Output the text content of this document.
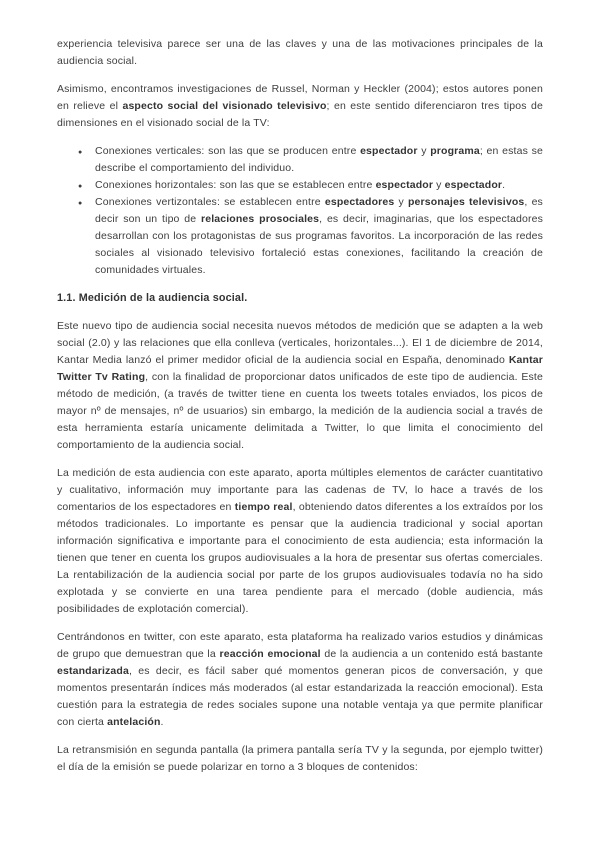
experiencia televisiva parece ser una de las claves y una de las motivaciones principales de la audiencia social.

Asimismo, encontramos investigaciones de Russel, Norman y Heckler (2004); estos autores ponen en relieve el aspecto social del visionado televisivo; en este sentido diferenciaron tres tipos de dimensiones en el visionado social de la TV:

● Conexiones verticales: son las que se producen entre espectador y programa; en estas se describe el comportamiento del individuo.
● Conexiones horizontales: son las que se establecen entre espectador y espectador.
● Conexiones vertizontales: se establecen entre espectadores y personajes televisivos, es decir son un tipo de relaciones prosociales, es decir, imaginarias, que los espectadores desarrollan con los protagonistas de sus programas favoritos. La incorporación de las redes sociales al visionado televisivo fortaleció estas conexiones, facilitando la creación de comunidades virtuales.
1.1. Medición de la audiencia social.

Este nuevo tipo de audiencia social necesita nuevos métodos de medición que se adapten a la web social (2.0) y las relaciones que ella conlleva (verticales, horizontales...). El 1 de diciembre de 2014, Kantar Media lanzó el primer medidor oficial de la audiencia social en España, denominado Kantar Twitter Tv Rating, con la finalidad de proporcionar datos unificados de este tipo de audiencia. Este método de medición, (a través de twitter tiene en cuenta los tweets totales enviados, los picos de mayor nº de mensajes, nº de usuarios) sin embargo, la medición de la audiencia social a través de esta herramienta estaría unicamente delimitada a Twitter, lo que limita el conocimiento del comportamiento de la audiencia social.

La medición de esta audiencia con este aparato, aporta múltiples elementos de carácter cuantitativo y cualitativo, información muy importante para las cadenas de TV, lo hace a través de los comentarios de los espectadores en tiempo real, obteniendo datos diferentes a los extraídos por los métodos tradicionales. Lo importante es pensar que la audiencia tradicional y social aportan información significativa e importante para el conocimiento de esta audiencia; esta información la tienen que tener en cuenta los grupos audiovisuales a la hora de presentar sus ofertas comerciales. La rentabilización de la audiencia social por parte de los grupos audiovisuales todavía no ha sido explotada y se convierte en una tarea pendiente para el mercado (doble audiencia, más posibilidades de explotación comercial).

Centrándonos en twitter, con este aparato, esta plataforma ha realizado varios estudios y dinámicas de grupo que demuestran que la reacción emocional de la audiencia a un contenido está bastante estandarizada, es decir, es fácil saber qué momentos generan picos de conversación, y que momentos presentarán índices más moderados (al estar estandarizada la reacción emocional). Esta cuestión para la estrategia de redes sociales supone una notable ventaja ya que permite planificar con cierta antelación.

La retransmisión en segunda pantalla (la primera pantalla sería TV y la segunda, por ejemplo twitter) el día de la emisión se puede polarizar en torno a 3 bloques de contenidos:
